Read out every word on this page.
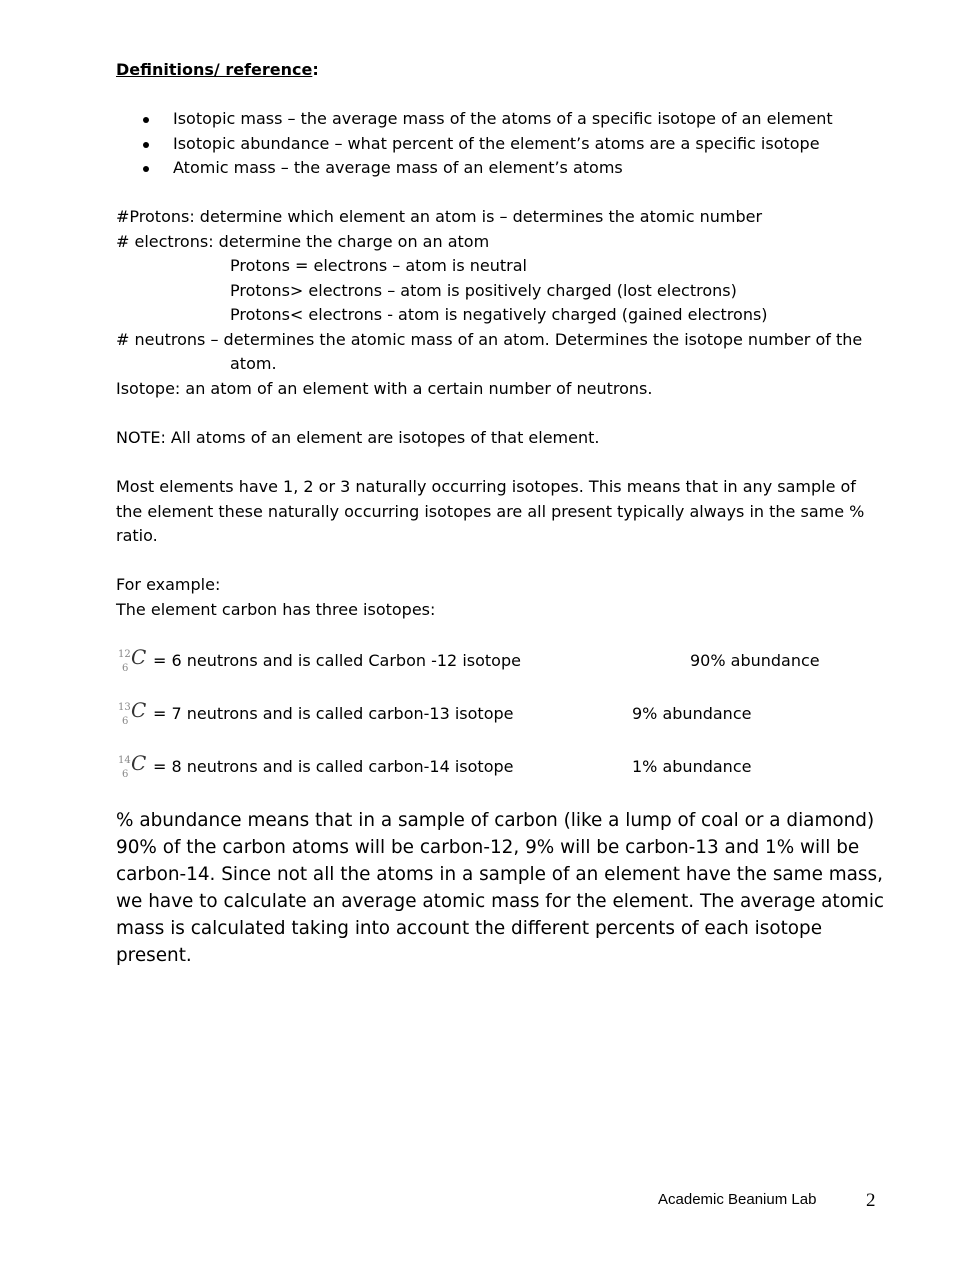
Definitions/ reference:
Isotopic mass – the average mass of the atoms of a specific isotope of an element
Isotopic abundance – what percent of the element’s atoms are a specific isotope
Atomic mass – the average mass of an element’s atoms
#Protons: determine which element an atom is – determines the atomic number
# electrons: determine the charge on an atom
Protons = electrons – atom is neutral
Protons> electrons – atom is positively charged (lost electrons)
Protons< electrons - atom is negatively charged (gained electrons)
# neutrons – determines the atomic mass of an atom. Determines the isotope number of the
atom.
Isotope: an atom of an element with a certain number of neutrons.
NOTE: All atoms of an element are isotopes of that element.
Most elements have 1, 2 or 3 naturally occurring isotopes. This means that in any sample of
the element these naturally occurring isotopes are all present typically always in the same %
ratio.
For example:
The element carbon has three isotopes:
12
6 C = 6 neutrons and is called Carbon -12 isotope	90% abundance
13
6 C = 7 neutrons and is called carbon-13 isotope	9% abundance
14
6 C = 8 neutrons and is called carbon-14 isotope	1% abundance
% abundance means that in a sample of carbon (like a lump of coal or a diamond) 90% of the carbon atoms will be carbon-12, 9% will be carbon-13 and 1% will be carbon-14. Since not all the atoms in a sample of an element have the same mass, we have to calculate an average atomic mass for the element. The average atomic mass is calculated taking into account the different percents of each isotope present.
Academic Beanium Lab	2
